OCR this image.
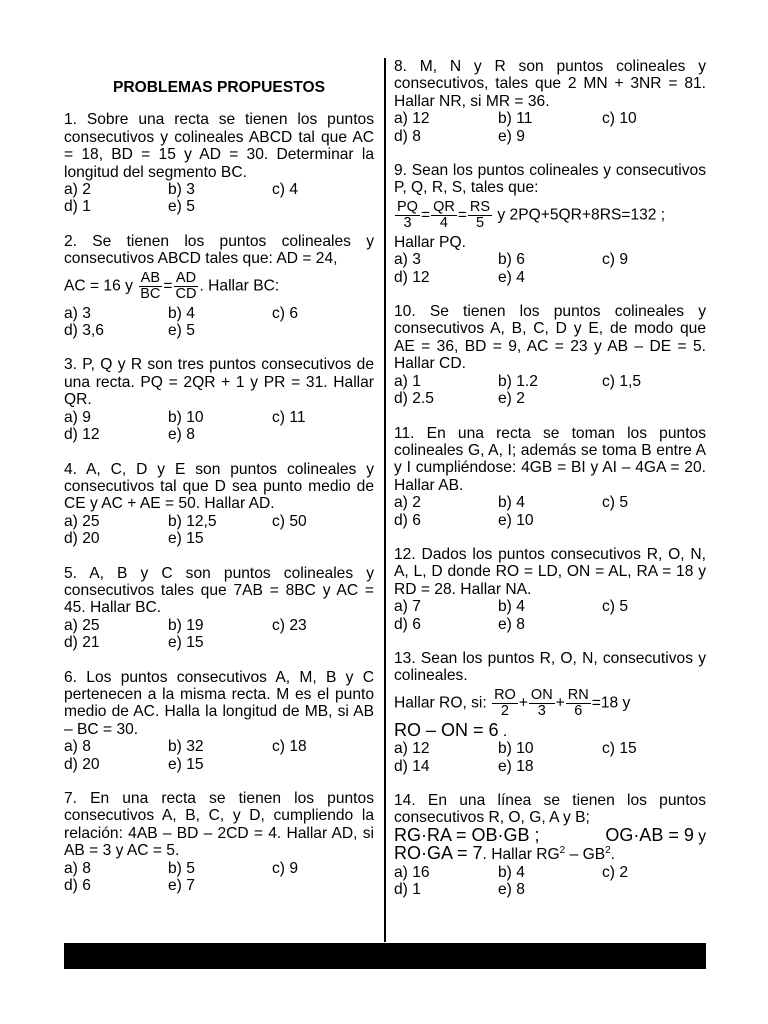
PROBLEMAS PROPUESTOS
1. Sobre una recta se tienen los puntos consecutivos y colineales ABCD tal que AC = 18, BD = 15 y AD = 30. Determinar la longitud del segmento BC.
a) 2	b) 3	c) 4
d) 1	e) 5
2. Se tienen los puntos colineales y consecutivos ABCD tales que: AD = 24,
AC = 16 y $\frac{AB}{BC} = \frac{AD}{CD}$ . Hallar BC:
a) 3	b) 4	c) 6
d) 3,6	e) 5
3. P, Q y R son tres puntos consecutivos de una recta. PQ = 2QR + 1 y PR = 31. Hallar QR.
a) 9	b) 10	c) 11
d) 12	e) 8
4. A, C, D y E son puntos colineales y consecutivos tal que D sea punto medio de CE y AC + AE = 50. Hallar AD.
a) 25	b) 12,5	c) 50
d) 20	e) 15
5. A, B y C son puntos colineales y consecutivos tales que 7AB = 8BC y AC = 45. Hallar BC.
a) 25	b) 19	c) 23
d) 21	e) 15
6. Los puntos consecutivos A, M, B y C pertenecen a la misma recta. M es el punto medio de AC. Halla la longitud de MB, si AB – BC = 30.
a) 8	b) 32	c) 18
d) 20	e) 15
7. En una recta se tienen los puntos consecutivos A, B, C, y D, cumpliendo la relación: 4AB – BD – 2CD = 4. Hallar AD, si AB = 3 y AC = 5.
a) 8	b) 5	c) 9
d) 6	e) 7
8. M, N y R son puntos colineales y consecutivos, tales que 2 MN + 3NR = 81. Hallar NR, si MR = 36.
a) 12	b) 11	c) 10
d) 8	e) 9
9. Sean los puntos colineales y consecutivos P, Q, R, S, tales que:
$\frac{PQ}{3} = \frac{QR}{4} = \frac{RS}{5}$ y 2PQ+5QR+8RS=132 ;
Hallar PQ.
a) 3	b) 6	c) 9
d) 12	e) 4
10. Se tienen los puntos colineales y consecutivos A, B, C, D y E, de modo que AE = 36, BD = 9, AC = 23 y AB – DE = 5. Hallar CD.
a) 1	b) 1.2	c) 1,5
d) 2.5	e) 2
11. En una recta se toman los puntos colineales G, A, I; además se toma B entre A y I cumpliéndose: 4GB = BI y AI – 4GA = 20. Hallar AB.
a) 2	b) 4	c) 5
d) 6	e) 10
12. Dados los puntos consecutivos R, O, N, A, L, D donde RO = LD, ON = AL, RA = 18 y RD = 28. Hallar NA.
a) 7	b) 4	c) 5
d) 6	e) 8
13. Sean los puntos R, O, N, consecutivos y colineales.
Hallar RO, si: $\frac{RO}{2} + \frac{ON}{3} + \frac{RN}{6} =18$ y
RO – ON = 6 .
a) 12	b) 10	c) 15
d) 14	e) 18
14. En una línea se tienen los puntos consecutivos R, O, G, A y B;
RG·RA = OB·GB ;	OG·AB = 9 y
RO·GA = 7. Hallar $RG^2 - GB^2$.
a) 16	b) 4	c) 2
d) 1	e) 8
